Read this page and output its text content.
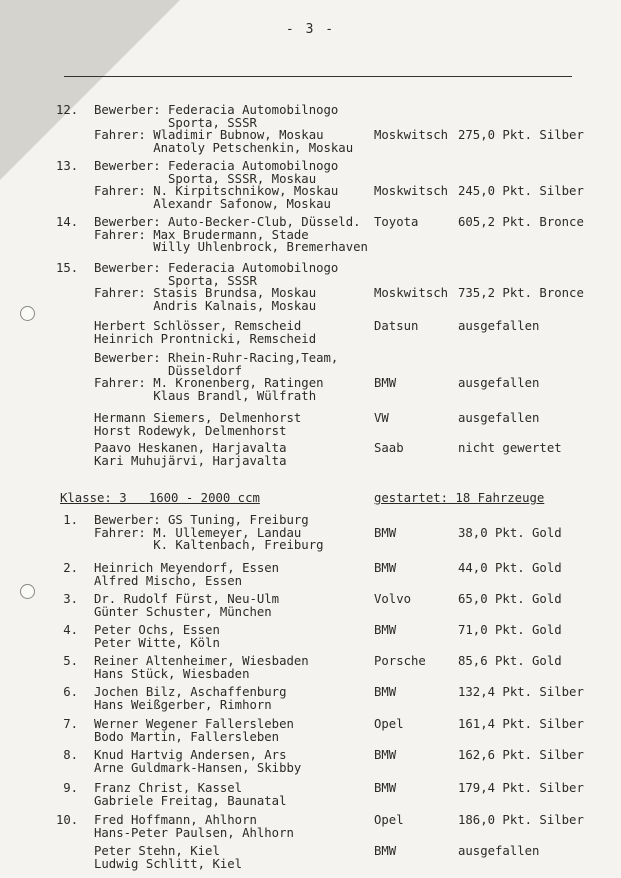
- 3 -
Klasse: 3   1600 - 2000 ccm	gestartet: 18 Fahrzeuge
12. Bewerber: Federacia Automobilnogo
Sporta, SSSR
Fahrer: Wladimir Bubnow, Moskau
Anatoly Petschenkin, Moskau
Moskwitsch 275,0 Pkt. Silber
13. Bewerber: Federacia Automobilnogo
Sporta, SSSR, Moskau
Fahrer: N. Kirpitschnikow, Moskau
Alexandr Safonow, Moskau
Moskwitsch 245,0 Pkt. Silber
14. Bewerber: Auto-Becker-Club, Düsseld.
Fahrer: Max Brudermann, Stade
Willy Uhlenbrock, Bremerhaven
Toyota	605,2 Pkt. Bronce
15. Bewerber: Federacia Automobilnogo
Sporta, SSSR
Fahrer: Stasis Brundsa, Moskau
Andris Kalnais, Moskau
Moskwitsch 735,2 Pkt. Bronce
Herbert Schlösser, Remscheid
Heinrich Prontnicki, Remscheid
Datsun	ausgefallen
Bewerber: Rhein-Ruhr-Racing,Team,
Düsseldorf
Fahrer: M. Kronenberg, Ratingen
Klaus Brandl, Wülfrath
BMW	ausgefallen
Hermann Siemers, Delmenhorst
Horst Rodewyk, Delmenhorst
VW	ausgefallen
Paavo Heskanen, Harjavalta
Kari Muhujärvi, Harjavalta
Saab	nicht gewertet
1. Bewerber: GS Tuning, Freiburg
Fahrer: M. Ullemeyer, Landau
K. Kaltenbach, Freiburg
BMW	38,0 Pkt. Gold
2. Heinrich Meyendorf, Essen
Alfred Mischo, Essen
BMW	44,0 Pkt. Gold
3. Dr. Rudolf Fürst, Neu-Ulm
Günter Schuster, München
Volvo	65,0 Pkt. Gold
4. Peter Ochs, Essen
Peter Witte, Köln
BMW	71,0 Pkt. Gold
5. Reiner Altenheimer, Wiesbaden
Hans Stück, Wiesbaden
Porsche	85,6 Pkt. Gold
6. Jochen Bilz, Aschaffenburg
Hans Weißgerber, Rimhorn
BMW	132,4 Pkt. Silber
7. Werner Wegener Fallersleben
Bodo Martin, Fallersleben
Opel	161,4 Pkt. Silber
8. Knud Hartvig Andersen, Ars
Arne Guldmark-Hansen, Skibby
BMW	162,6 Pkt. Silber
9. Franz Christ, Kassel
Gabriele Freitag, Baunatal
BMW	179,4 Pkt. Silber
10. Fred Hoffmann, Ahlhorn
Hans-Peter Paulsen, Ahlhorn
Opel	186,0 Pkt. Silber
Peter Stehn, Kiel
Ludwig Schlitt, Kiel
BMW	ausgefallen
